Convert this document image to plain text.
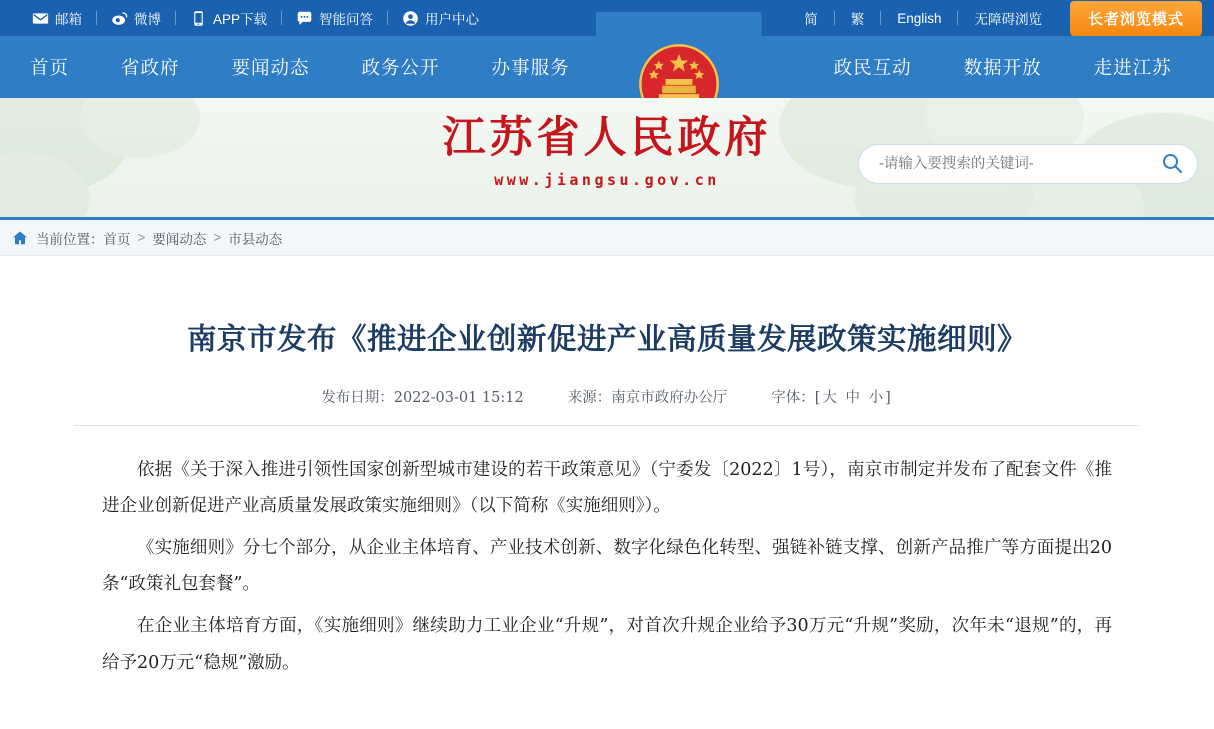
邮箱	微博	APP下载	智能问答	用户中心	简	繁	English	无障碍浏览	长者浏览模式
首页	省政府	要闻动态	政务公开	办事服务	政民互动	数据开放	走进江苏
江苏省人民政府
www.jiangsu.gov.cn
-请输入要搜索的关键词-
当前位置： 首页 > 要闻动态 > 市县动态
南京市发布《推进企业创新促进产业高质量发展政策实施细则》
发布日期：2022-03-01 15:12	来源：南京市政府办公厅	字体：[大 中 小]

依据《关于深入推进引领性国家创新型城市建设的若干政策意见》（宁委发〔2022〕1号），南京市制定并发布了配套文件《推进企业创新促进产业高质量发展政策实施细则》（以下简称《实施细则》）。

《实施细则》分七个部分，从企业主体培育、产业技术创新、数字化绿色化转型、强链补链支撑、创新产品推广等方面提出20条“政策礼包套餐”。

在企业主体培育方面，《实施细则》继续助力工业企业“升规”，对首次升规企业给予30万元“升规”奖励，次年未“退规”的，再给予20万元“稳规”激励。
